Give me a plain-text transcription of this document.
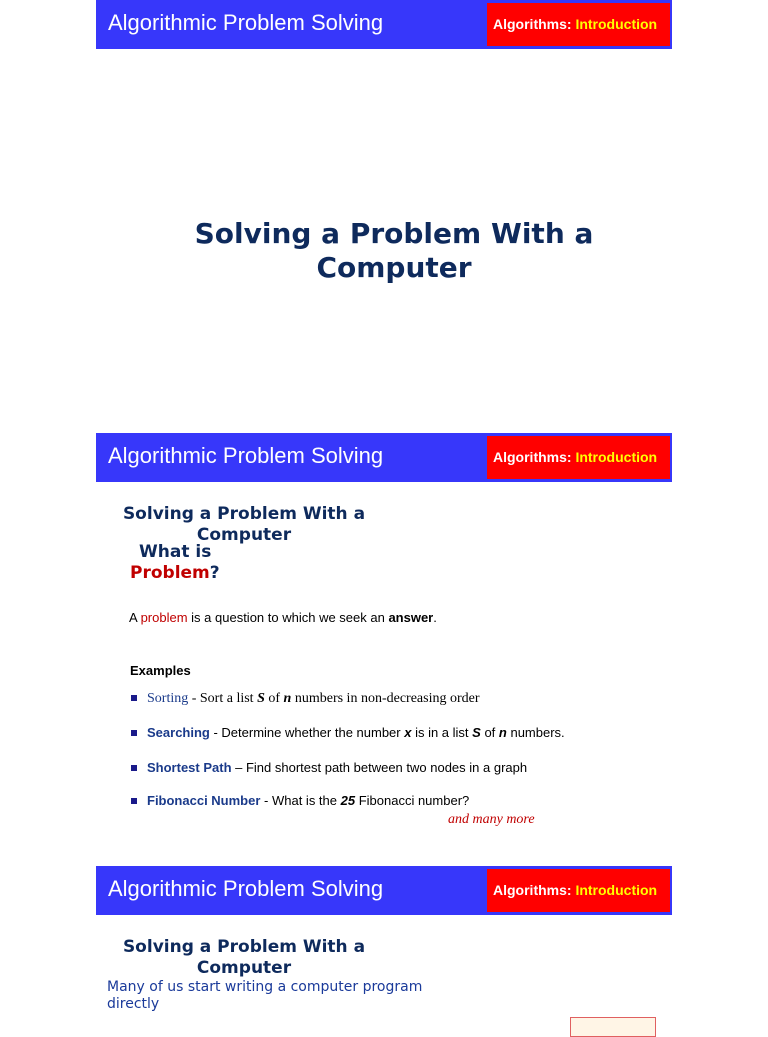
Algorithmic Problem Solving	Algorithms: Introduction
Solving a Problem With a
Computer
Algorithmic Problem Solving	Algorithms: Introduction
Solving a Problem With a
Computer
What is
Problem?
A problem is a question to which we seek an answer.
Examples
Sorting - Sort a list S of n numbers in non-decreasing order
Searching - Determine whether the number x is in a list S of n numbers.
Shortest Path – Find shortest path between two nodes in a graph
Fibonacci Number - What is the 25 Fibonacci number?
and many more
Algorithmic Problem Solving	Algorithms: Introduction
Solving a Problem With a
Computer
Many of us start writing a computer program
directly
